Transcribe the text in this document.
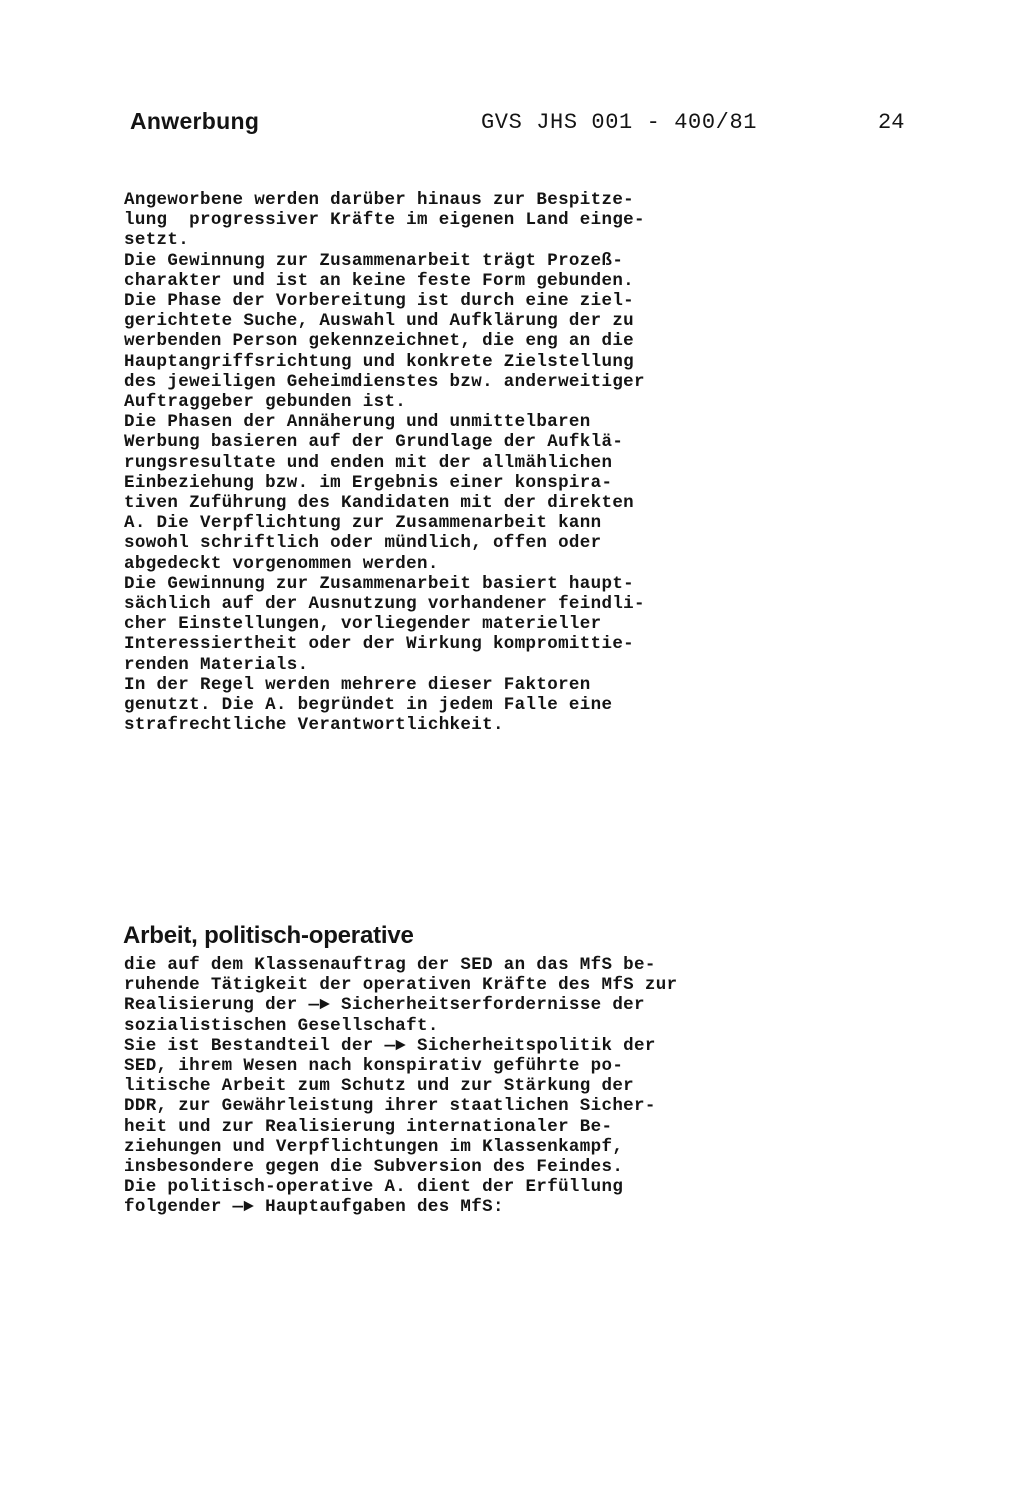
Anwerbung	GVS JHS 001 - 400/81	24

Angeworbene werden darüber hinaus zur Bespitze-

lung  progressiver Kräfte im eigenen Land einge-

setzt.

Die Gewinnung zur Zusammenarbeit trägt Prozeß-

charakter und ist an keine feste Form gebunden.

Die Phase der Vorbereitung ist durch eine ziel-

gerichtete Suche, Auswahl und Aufklärung der zu

werbenden Person gekennzeichnet, die eng an die

Hauptangriffsrichtung und konkrete Zielstellung

des jeweiligen Geheimdienstes bzw. anderweitiger

Auftraggeber gebunden ist.

Die Phasen der Annäherung und unmittelbaren

Werbung basieren auf der Grundlage der Aufklä-

rungsresultate und enden mit der allmählichen

Einbeziehung bzw. im Ergebnis einer konspira-

tiven Zuführung des Kandidaten mit der direkten

A. Die Verpflichtung zur Zusammenarbeit kann

sowohl schriftlich oder mündlich, offen oder

abgedeckt vorgenommen werden.

Die Gewinnung zur Zusammenarbeit basiert haupt-

sächlich auf der Ausnutzung vorhandener feindli-

cher Einstellungen, vorliegender materieller

Interessiertheit oder der Wirkung kompromittie-

renden Materials.

In der Regel werden mehrere dieser Faktoren

genutzt. Die A. begründet in jedem Falle eine

strafrechtliche Verantwortlichkeit.

Arbeit, politisch-operative

die auf dem Klassenauftrag der SED an das MfS be-

ruhende Tätigkeit der operativen Kräfte des MfS zur

Realisierung der —► Sicherheitserfordernisse der

sozialistischen Gesellschaft.

Sie ist Bestandteil der —► Sicherheitspolitik der

SED, ihrem Wesen nach konspirativ geführte po-

litische Arbeit zum Schutz und zur Stärkung der

DDR, zur Gewährleistung ihrer staatlichen Sicher-

heit und zur Realisierung internationaler Be-

ziehungen und Verpflichtungen im Klassenkampf,

insbesondere gegen die Subversion des Feindes.

Die politisch-operative A. dient der Erfüllung

folgender —► Hauptaufgaben des MfS:
